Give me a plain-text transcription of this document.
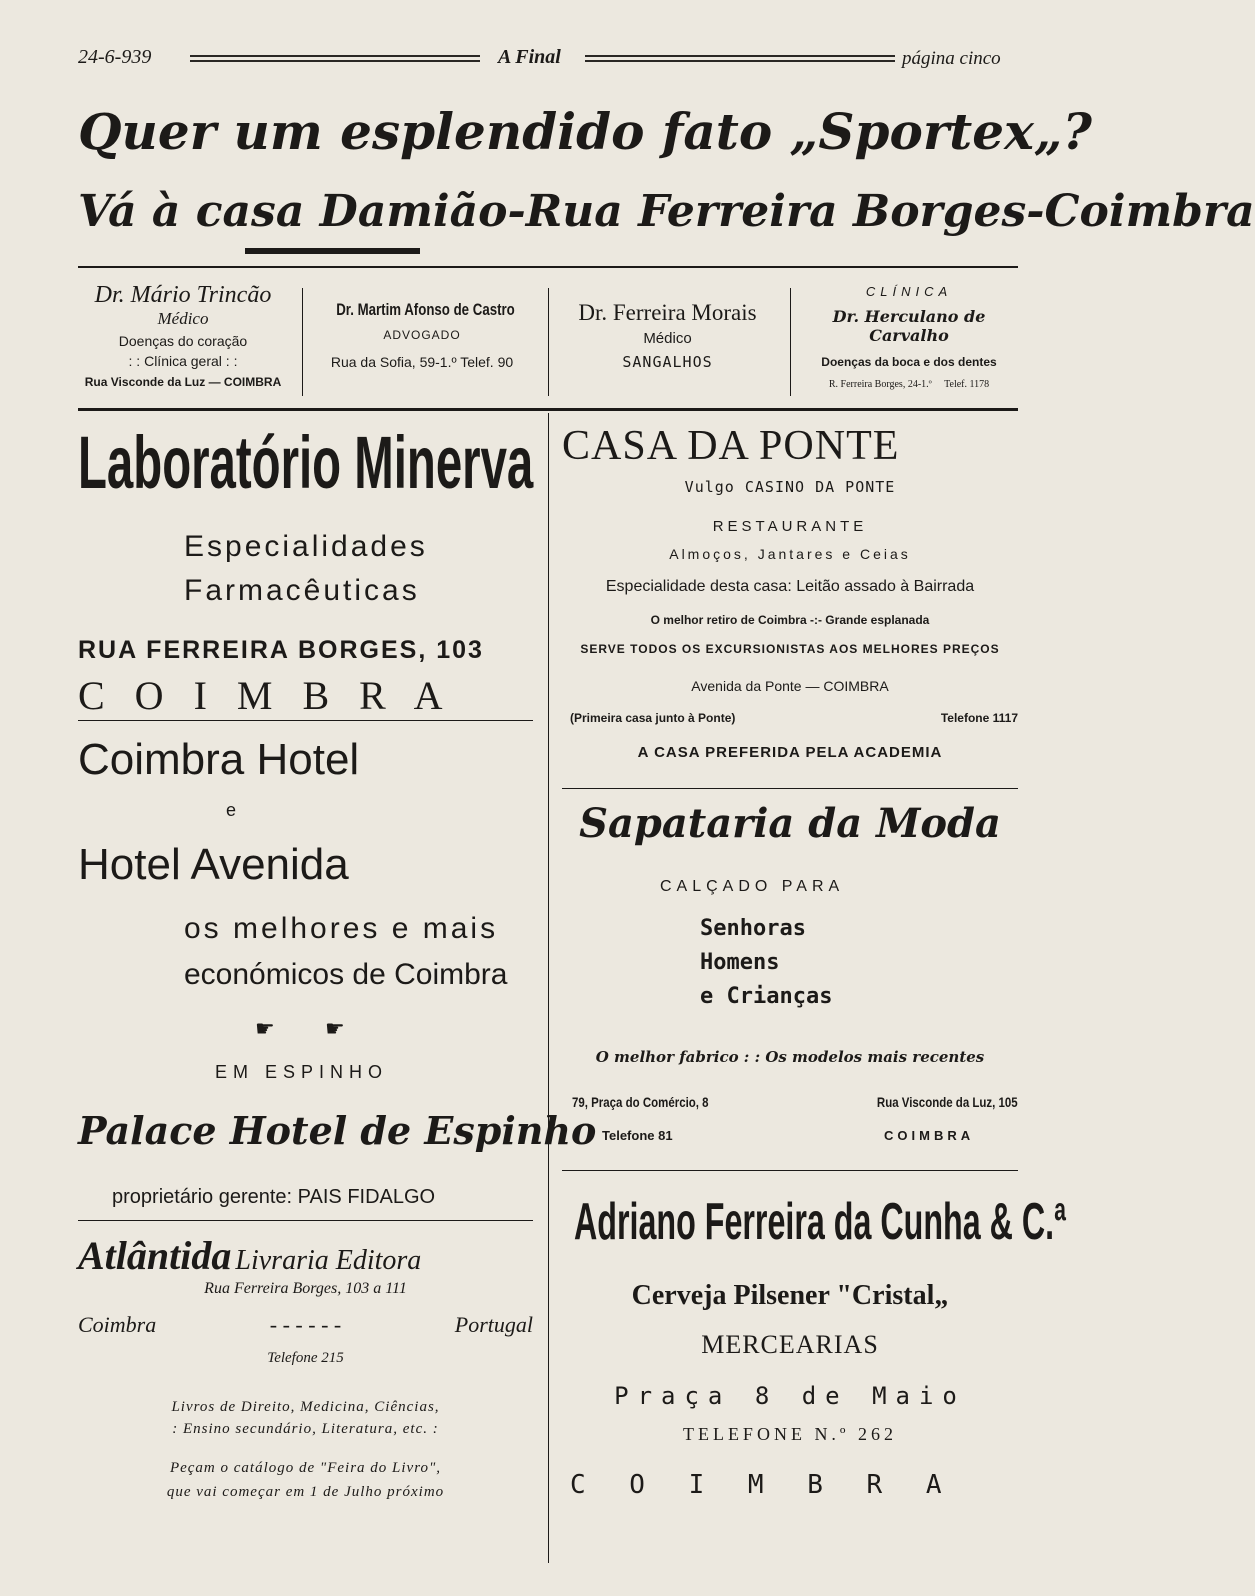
24-6-939	A Final	página cinco
Quer um esplendido fato „Sportex„?
Vá à casa Damião-Rua Ferreira Borges-Coimbra
Dr. Mário Trincão
Médico
Doenças do coração
: : Clínica geral : :
Rua Visconde da Luz — COIMBRA
Dr. Martim Afonso de Castro
ADVOGADO
Rua da Sofia, 59-1.º Telef. 90
Dr. Ferreira Morais
Médico
SANGALHOS
CLÍNICA
Dr. Herculano de Carvalho
Doenças da boca e dos dentes
R. Ferreira Borges, 24-1.º Telef. 1178
Laboratório Minerva
Especialidades
Farmacêuticas
RUA FERREIRA BORGES, 103
C O I M B R A
Coimbra Hotel
e
Hotel Avenida
os melhores e mais
económicos de Coimbra
☛ ☛
EM ESPINHO
Palace Hotel de Espinho
proprietário gerente: PAIS FIDALGO
Atlântida Livraria Editora
Rua Ferreira Borges, 103 a 111
Coimbra	- - - - - -	Portugal
Telefone 215
Livros de Direito, Medicina, Ciências,
: Ensino secundário, Literatura, etc. :
Peçam o catálogo de "Feira do Livro",
que vai começar em 1 de Julho próximo
CASA DA PONTE
Vulgo CASINO DA PONTE
RESTAURANTE
Almoços, Jantares e Ceias
Especialidade desta casa: Leitão assado à Bairrada
O melhor retiro de Coimbra -:- Grande esplanada
SERVE TODOS OS EXCURSIONISTAS AOS MELHORES PREÇOS
Avenida da Ponte — COIMBRA
(Primeira casa junto à Ponte)	Telefone 1117
A CASA PREFERIDA PELA ACADEMIA
Sapataria da Moda
CALÇADO PARA
Senhoras
Homens
e Crianças
O melhor fabrico : : Os modelos mais recentes
79, Praça do Comércio, 8	Rua Visconde da Luz, 105
Telefone 81	COIMBRA
Adriano Ferreira da Cunha & C.ª
Cerveja Pilsener "Cristal„
MERCEARIAS
Praça 8 de Maio
TELEFONE N.º 262
C O I M B R A
